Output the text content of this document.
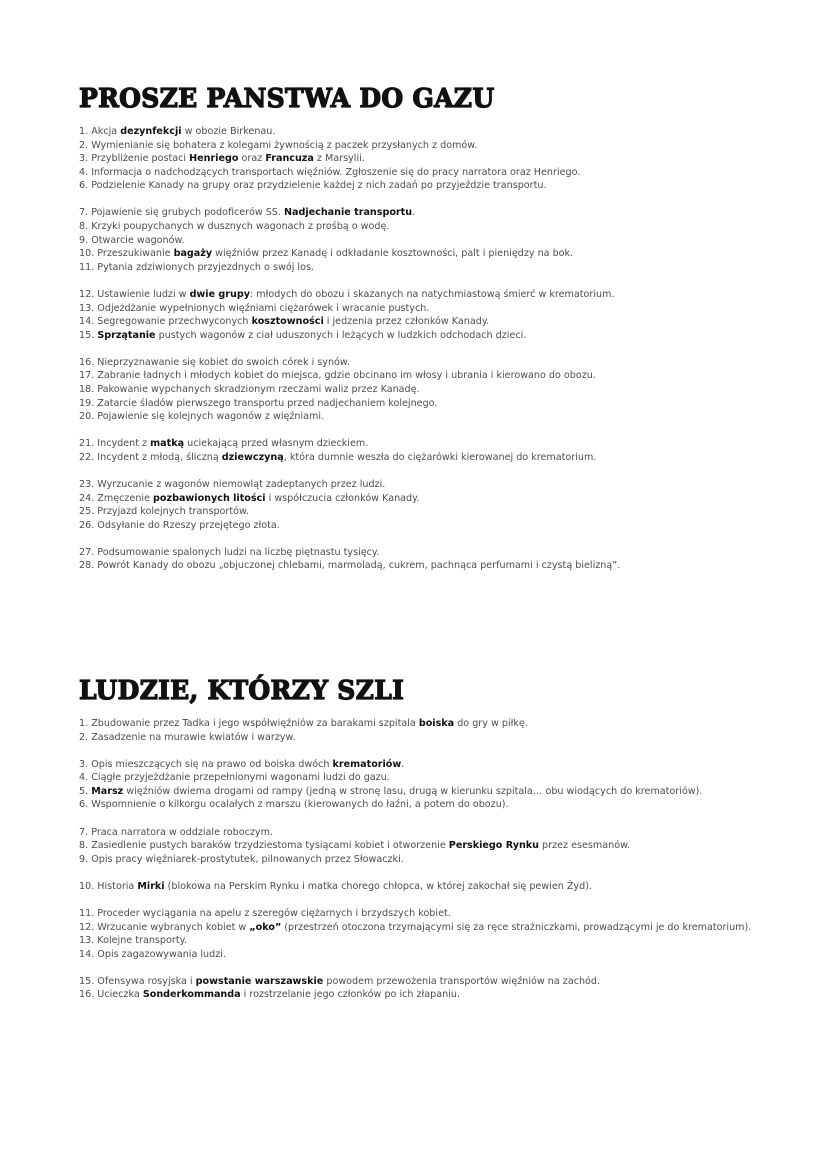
PROSZE PANSTWA DO GAZU
1. Akcja dezynfekcji w obozie Birkenau.
2. Wymienianie się bohatera z kolegami żywnością z paczek przysłanych z domów.
3. Przybliżenie postaci Henriego oraz Francuza z Marsylii.
4. Informacja o nadchodzących transportach więźniów. Zgłoszenie się do pracy narratora oraz Henriego.
6. Podzielenie Kanady na grupy oraz przydzielenie każdej z nich zadań po przyjeździe transportu.
7. Pojawienie się grubych podoficerów SS. Nadjechanie transportu.
8. Krzyki poupychanych w dusznych wagonach z prośbą o wodę.
9. Otwarcie wagonów.
10. Przeszukiwanie bagaży więźniów przez Kanadę i odkładanie kosztowności, palt i pieniędzy na bok.
11. Pytania zdziwionych przyjezdnych o swój los.
12. Ustawienie ludzi w dwie grupy: młodych do obozu i skazanych na natychmiastową śmierć w krematorium.
13. Odjeżdżanie wypełnionych więźniami ciężarówek i wracanie pustych.
14. Segregowanie przechwyconych kosztowności i jedzenia przez członków Kanady.
15. Sprzątanie pustych wagonów z ciał uduszonych i leżących w ludzkich odchodach dzieci.
16. Nieprzyznawanie się kobiet do swoich córek i synów.
17. Zabranie ładnych i młodych kobiet do miejsca, gdzie obcinano im włosy i ubrania i kierowano do obozu.
18. Pakowanie wypchanych skradzionym rzeczami waliz przez Kanadę.
19. Zatarcie śladów pierwszego transportu przed nadjechaniem kolejnego.
20. Pojawienie się kolejnych wagonów z więźniami.
21. Incydent z matką uciekającą przed własnym dzieckiem.
22. Incydent z młodą, śliczną dziewczyną, która dumnie weszła do ciężarówki kierowanej do krematorium.
23. Wyrzucanie z wagonów niemowląt zadeptanych przez ludzi.
24. Zmęczenie pozbawionych litości i współczucia członków Kanady.
25. Przyjazd kolejnych transportów.
26. Odsyłanie do Rzeszy przejętego złota.
27. Podsumowanie spalonych ludzi na liczbę piętnastu tysięcy.
28. Powrót Kanady do obozu „objuczonej chlebami, marmoladą, cukrem, pachnąca perfumami i czystą bielizną”.
LUDZIE, KTÓRZY SZLI
1. Zbudowanie przez Tadka i jego współwięźniów za barakami szpitala boiska do gry w piłkę.
2. Zasadzenie na murawie kwiatów i warzyw.
3. Opis mieszczących się na prawo od boiska dwóch krematoriów.
4. Ciągłe przyjeżdżanie przepełnionymi wagonami ludzi do gazu.
5. Marsz więźniów dwiema drogami od rampy (jedną w stronę lasu, drugą w kierunku szpitala… obu wiodących do krematoriów).
6. Wspomnienie o kilkorgu ocalałych z marszu (kierowanych do łaźni, a potem do obozu).
7. Praca narratora w oddziale roboczym.
8. Zasiedlenie pustych baraków trzydziestoma tysiącami kobiet i otworzenie Perskiego Rynku przez esesmanów.
9. Opis pracy więźniarek-prostytutek, pilnowanych przez Słowaczki.
10. Historia Mirki (blokowa na Perskim Rynku i matka chorego chłopca, w której zakochał się pewien Żyd).
11. Proceder wyciągania na apelu z szeregów ciężarnych i brzydszych kobiet.
12. Wrzucanie wybranych kobiet w „oko” (przestrzeń otoczona trzymającymi się za ręce strażniczkami, prowadzącymi je do krematorium).
13. Kolejne transporty.
14. Opis zagazowywania ludzi.
15. Ofensywa rosyjska i powstanie warszawskie powodem przewożenia transportów więźniów na zachód.
16. Ucieczka Sonderkommanda i rozstrzelanie jego członków po ich złapaniu.
